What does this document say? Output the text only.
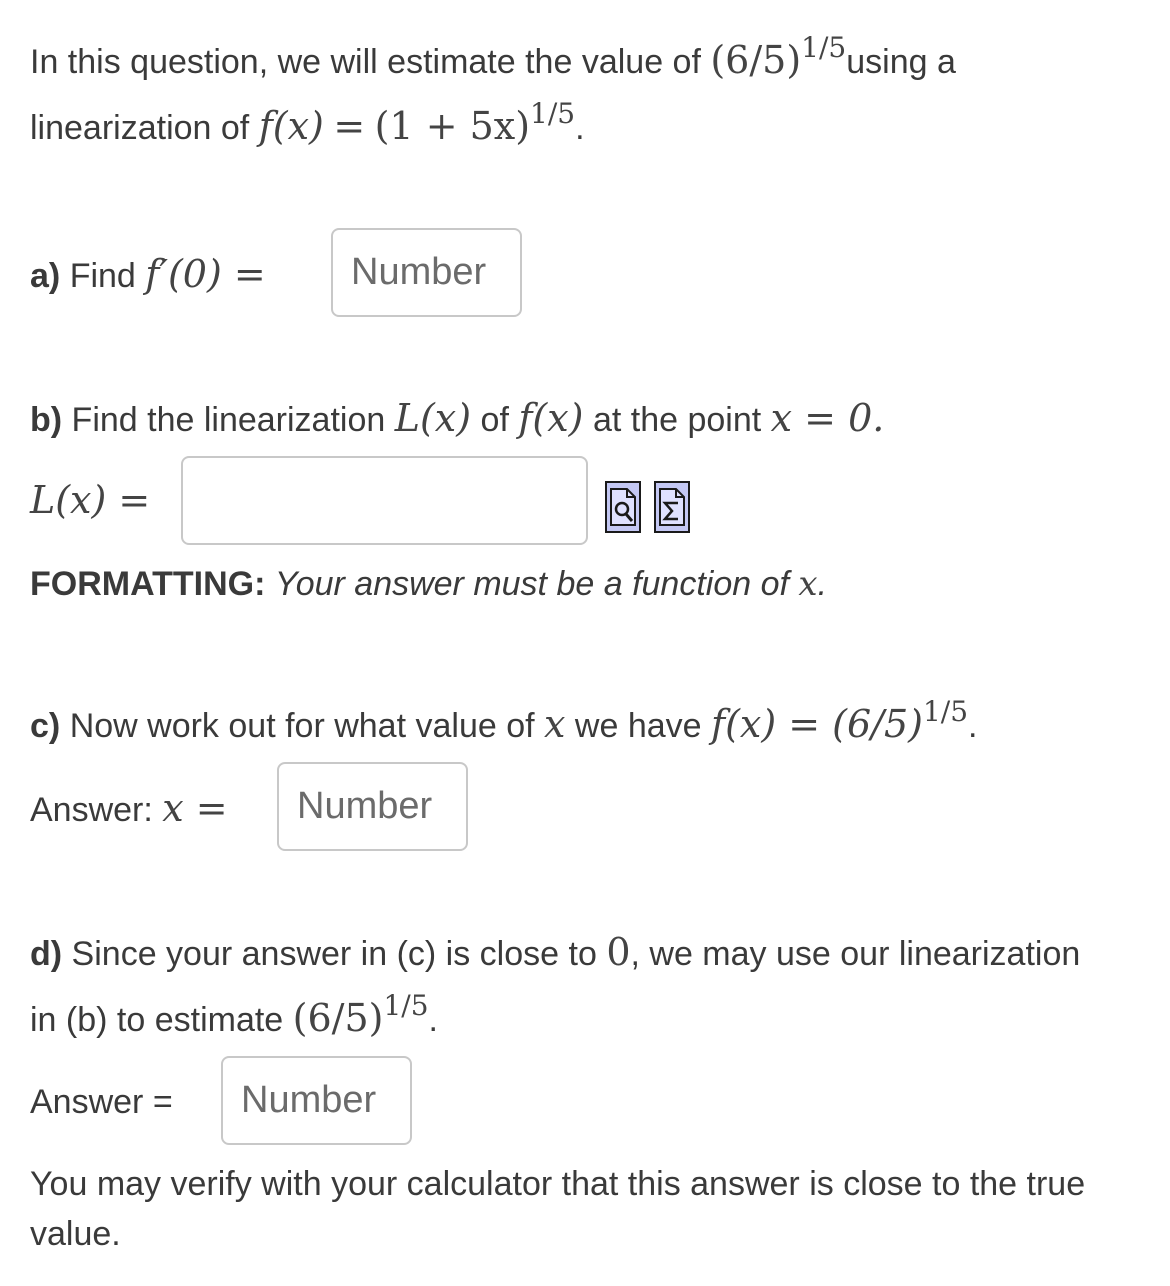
In this question, we will estimate the value of $(6/5)^{1/5}using$ a
linearization of $f(x) = (1 + 5x)^{1/5}$.
a) Find f′(0) = Number
b) Find the linearization L(x) of f(x) at the point x = 0.
L(x) =
FORMATTING: Your answer must be a function of x.
c) Now work out for what value of x we have $f(x) = (6/5)^{1/5}$.
Answer: x = Number
d) Since your answer in (c) is close to 0, we may use our linearization
in (b) to estimate $(6/5)^{1/5}$.
Answer = Number
You may verify with your calculator that this answer is close to the true
value.
